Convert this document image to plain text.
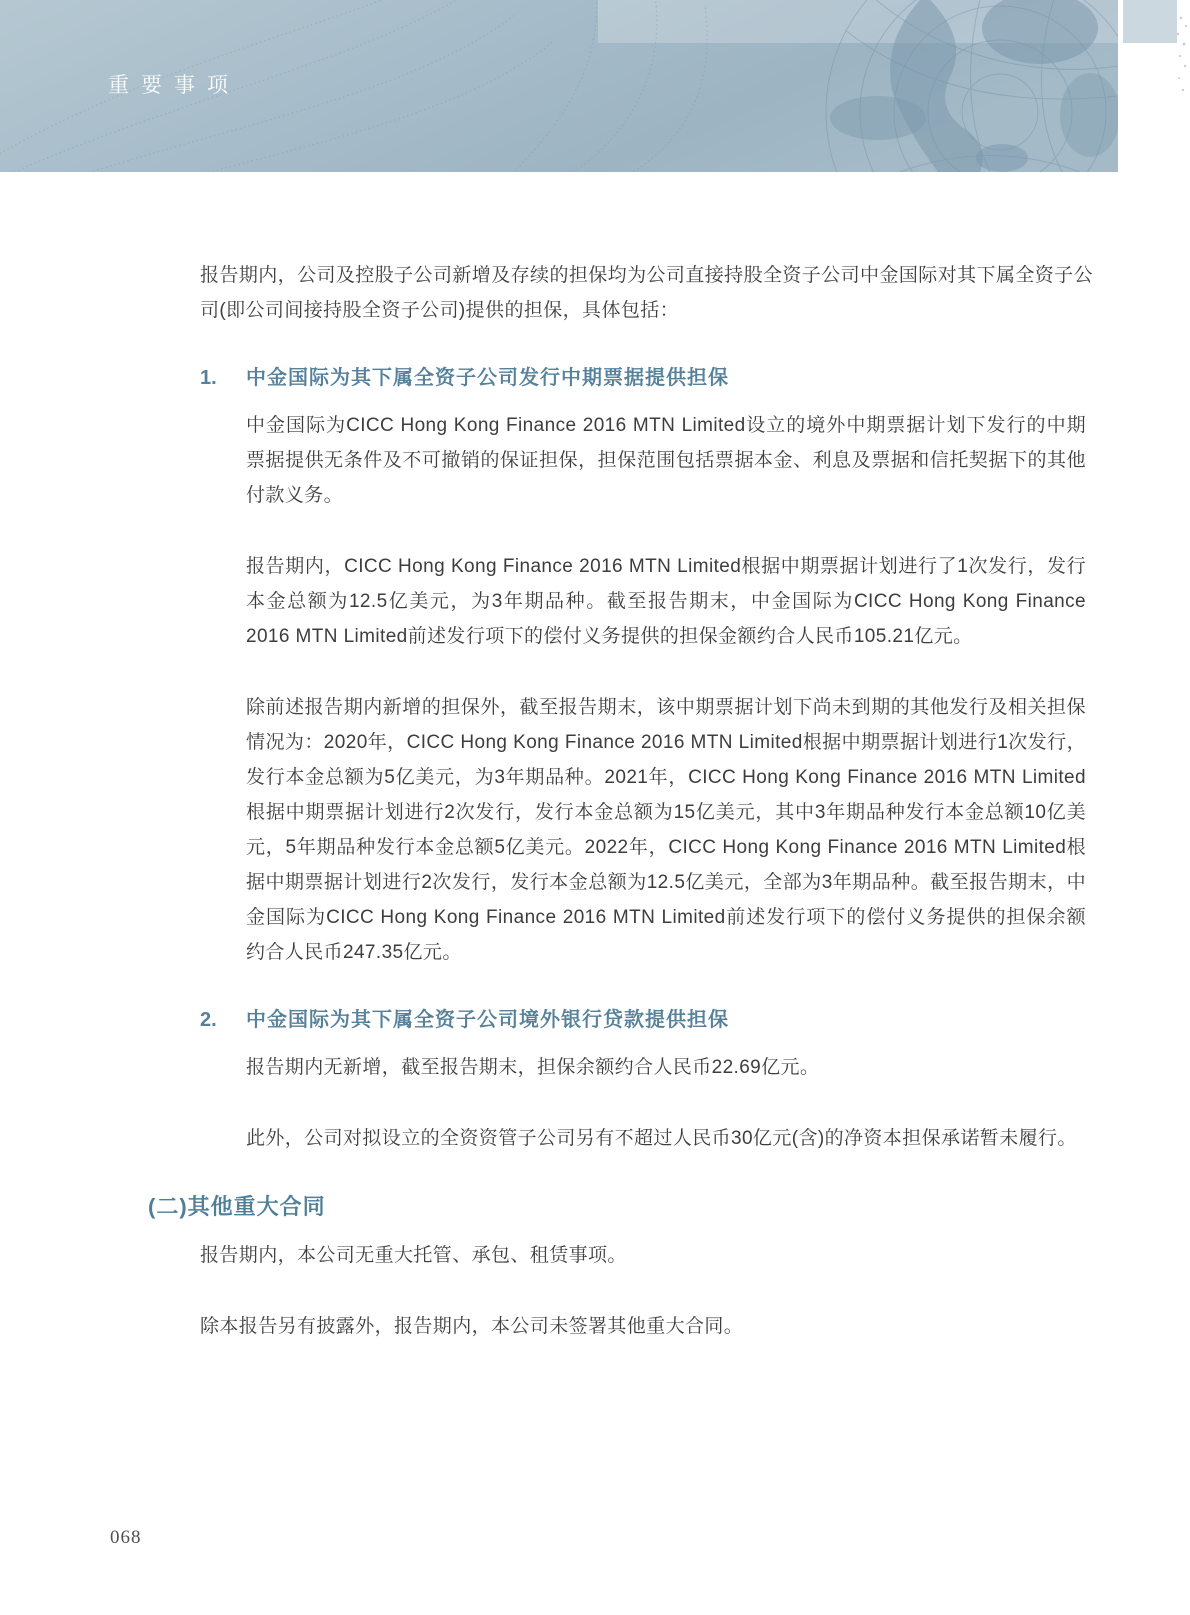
重要事项

报告期内，公司及控股子公司新增及存续的担保均为公司直接持股全资子公司中金国际对其下属全资子公司(即公司间接持股全资子公司)提供的担保，具体包括：

1.	中金国际为其下属全资子公司发行中期票据提供担保

中金国际为CICC Hong Kong Finance 2016 MTN Limited设立的境外中期票据计划下发行的中期票据提供无条件及不可撤销的保证担保，担保范围包括票据本金、利息及票据和信托契据下的其他付款义务。

报告期内，CICC Hong Kong Finance 2016 MTN Limited根据中期票据计划进行了1次发行，发行本金总额为12.5亿美元，为3年期品种。截至报告期末，中金国际为CICC Hong Kong Finance 2016 MTN Limited前述发行项下的偿付义务提供的担保金额约合人民币105.21亿元。

除前述报告期内新增的担保外，截至报告期末，该中期票据计划下尚未到期的其他发行及相关担保情况为：2020年，CICC Hong Kong Finance 2016 MTN Limited根据中期票据计划进行1次发行，发行本金总额为5亿美元，为3年期品种。2021年，CICC Hong Kong Finance 2016 MTN Limited根据中期票据计划进行2次发行，发行本金总额为15亿美元，其中3年期品种发行本金总额10亿美元，5年期品种发行本金总额5亿美元。2022年，CICC Hong Kong Finance 2016 MTN Limited根据中期票据计划进行2次发行，发行本金总额为12.5亿美元，全部为3年期品种。截至报告期末，中金国际为CICC Hong Kong Finance 2016 MTN Limited前述发行项下的偿付义务提供的担保余额约合人民币247.35亿元。

2.	中金国际为其下属全资子公司境外银行贷款提供担保

报告期内无新增，截至报告期末，担保余额约合人民币22.69亿元。

此外，公司对拟设立的全资资管子公司另有不超过人民币30亿元(含)的净资本担保承诺暂未履行。

(二)其他重大合同

报告期内，本公司无重大托管、承包、租赁事项。

除本报告另有披露外，报告期内，本公司未签署其他重大合同。

068
